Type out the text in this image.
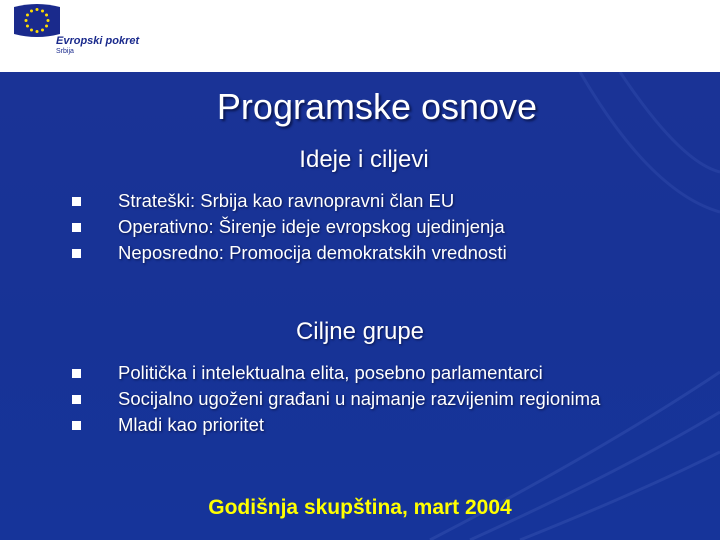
Evropski pokret
Srbija
Programske osnove
Ideje i ciljevi
Strateški: Srbija kao ravnopravni član EU
Operativno: Širenje ideje evropskog ujedinjenja
Neposredno: Promocija demokratskih vrednosti
Ciljne grupe
Politička i intelektualna elita, posebno parlamentarci
Socijalno ugoženi građani u najmanje razvijenim regionima
Mladi kao prioritet
Godišnja skupština, mart 2004
